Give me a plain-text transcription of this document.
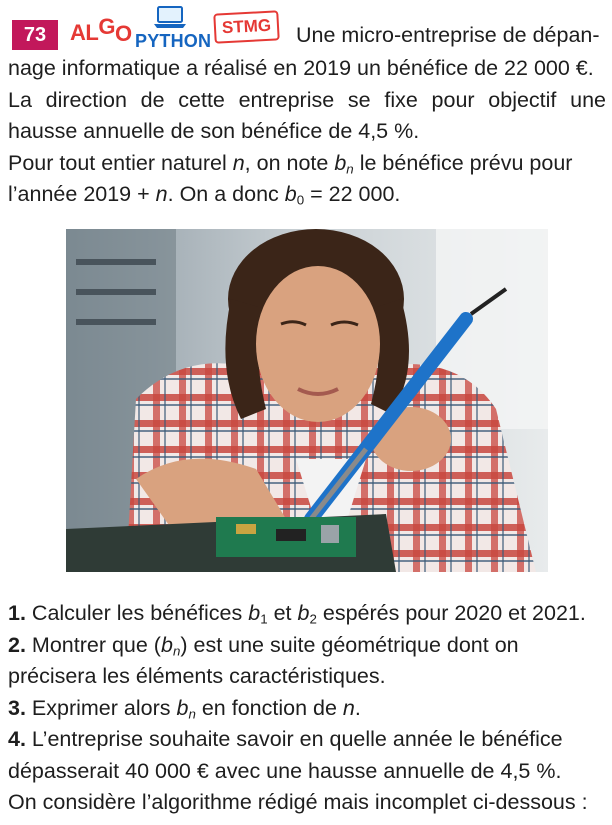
73	ALGO PYTHON
STMG	Une micro-entreprise de dépan-
nage informatique a réalisé en 2019 un bénéfice de 22 000 €.
La direction de cette entreprise se fixe pour objectif une
hausse annuelle de son bénéfice de 4,5 %.
Pour tout entier naturel n, on note $b_n$ le bénéfice prévu pour
l’année 2019 + n. On a donc $b_0 = 22$ 000.
1. Calculer les bénéfices $b_1$ et $b_2$ espérés pour 2020 et 2021.
2. Montrer que $(b_n)$ est une suite géométrique dont on
précisera les éléments caractéristiques.
3. Exprimer alors $b_n$ en fonction de n.
4. L’entreprise souhaite savoir en quelle année le bénéfice
dépasserait 40 000 € avec une hausse annuelle de 4,5 %.
On considère l’algorithme rédigé mais incomplet ci-dessous :
